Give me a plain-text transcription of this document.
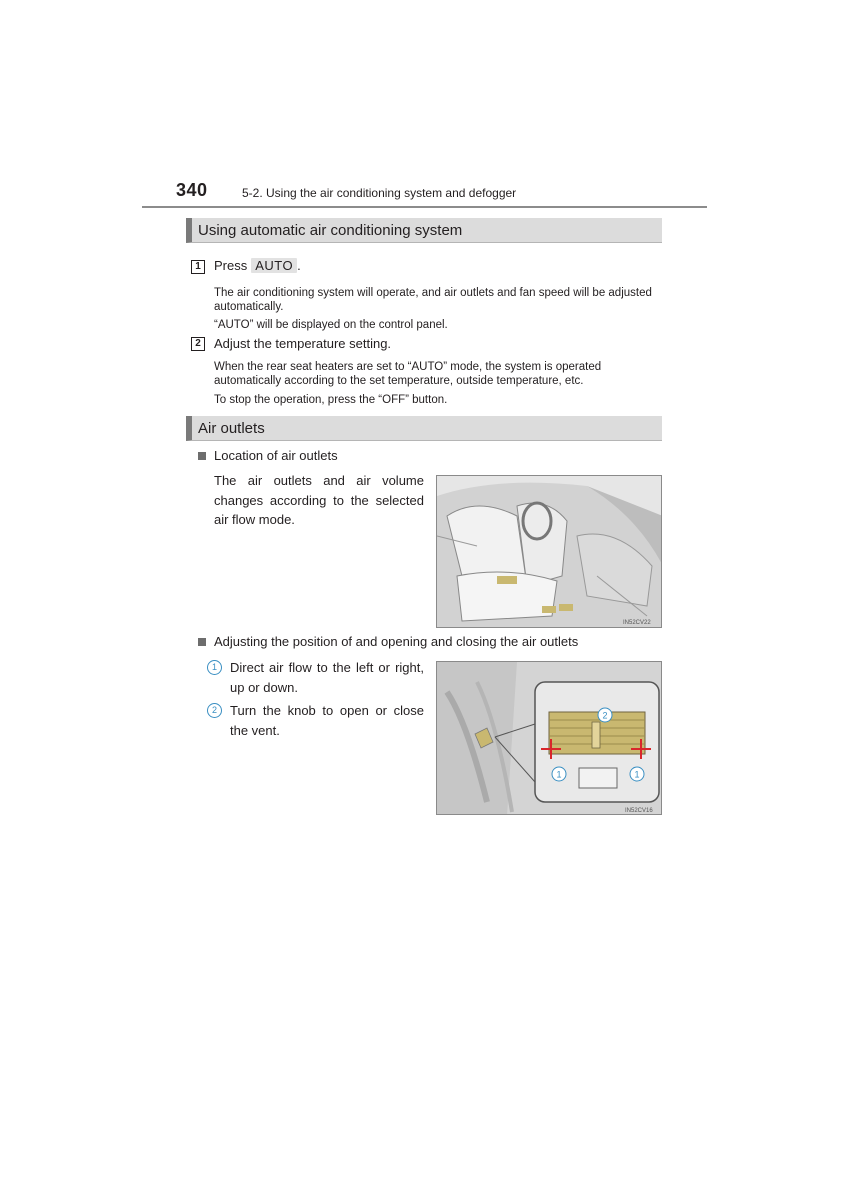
340	5-2. Using the air conditioning system and defogger
Using automatic air conditioning system
1	Press AUTO .
The air conditioning system will operate, and air outlets and fan speed will be adjusted automatically.
“AUTO” will be displayed on the control panel.
2	Adjust the temperature setting.
When the rear seat heaters are set to “AUTO” mode, the system is operated automatically according to the set temperature, outside temperature, etc.
To stop the operation, press the “OFF” button.
Air outlets
Location of air outlets
The air outlets and air volume changes according to the selected air flow mode.
IN52CV22
Adjusting the position of and opening and closing the air outlets
1	Direct air flow to the left or right, up or down.
2	Turn the knob to open or close the vent.
2
1	1
IN52CV16
